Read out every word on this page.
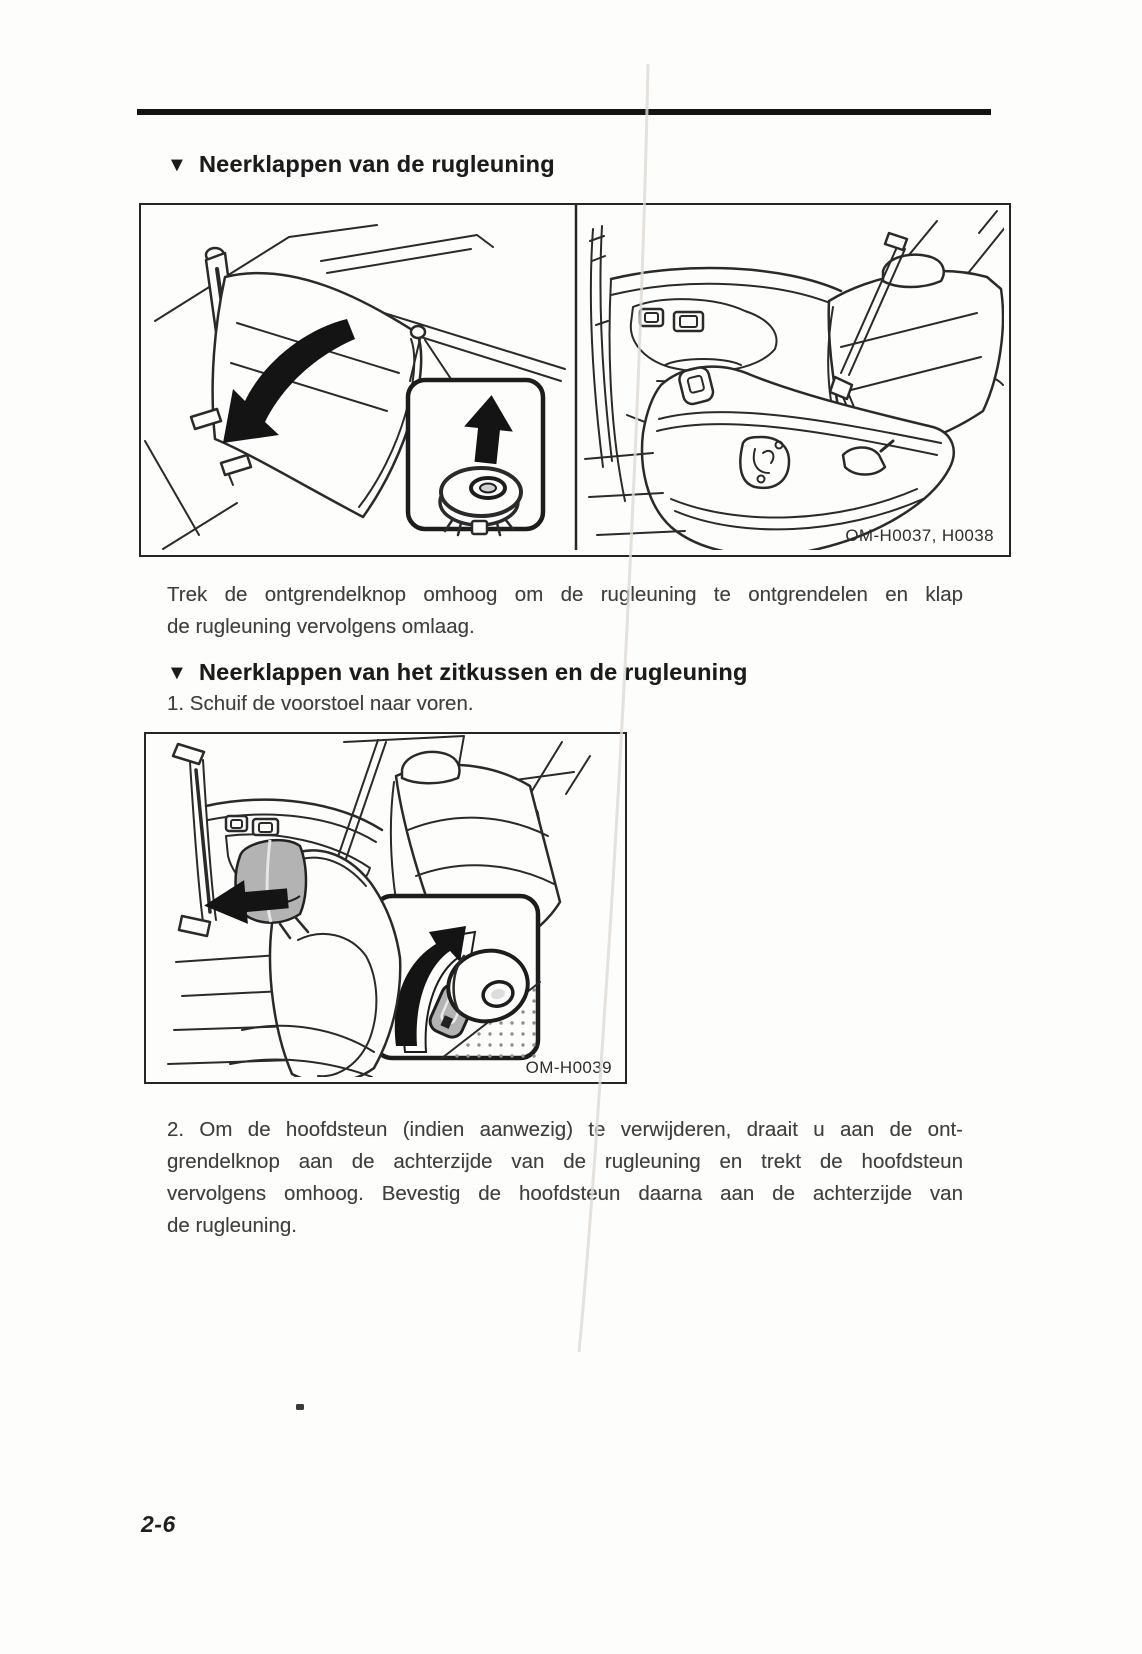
▼ Neerklappen van de rugleuning
OM-H0037, H0038
Trek de ontgrendelknop omhoog om de rugleuning te ontgrendelen en klap
de rugleuning vervolgens omlaag.
▼ Neerklappen van het zitkussen en de rugleuning
1. Schuif de voorstoel naar voren.
OM-H0039
2. Om de hoofdsteun (indien aanwezig) te verwijderen, draait u aan de ont-
grendelknop aan de achterzijde van de rugleuning en trekt de hoofdsteun
vervolgens omhoog. Bevestig de hoofdsteun daarna aan de achterzijde van
de rugleuning.
2-6
